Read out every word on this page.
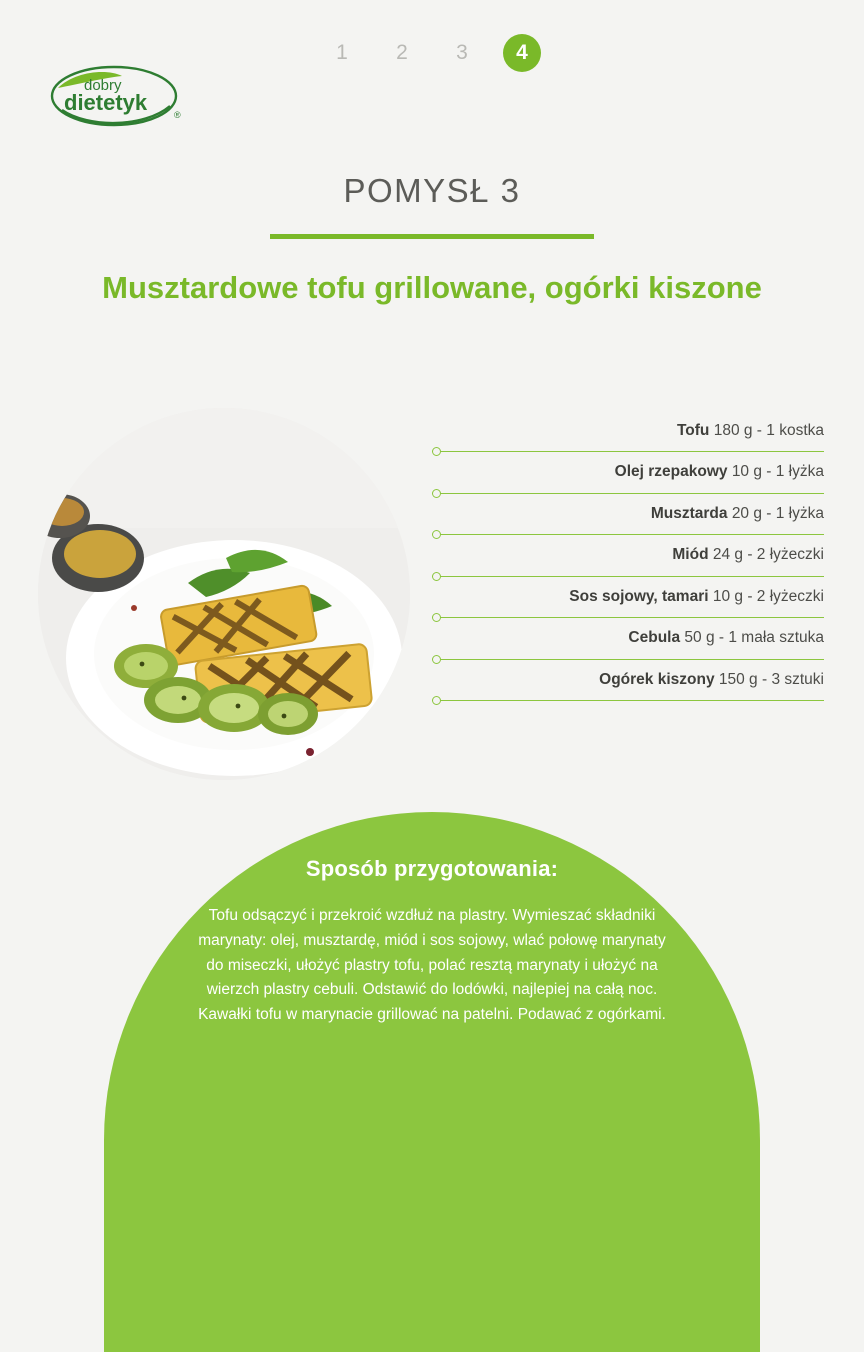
1	2	3	4
dobry
dietetyk	®
POMYSŁ 3
Musztardowe tofu grillowane, ogórki kiszone
Tofu 180 g - 1 kostka
Olej rzepakowy 10 g - 1 łyżka
Musztarda 20 g - 1 łyżka
Miód 24 g - 2 łyżeczki
Sos sojowy, tamari 10 g - 2 łyżeczki
Cebula 50 g - 1 mała sztuka
Ogórek kiszony 150 g - 3 sztuki
Sposób przygotowania:
Tofu odsączyć i przekroić wzdłuż na plastry. Wymieszać składniki marynaty: olej, musztardę, miód i sos sojowy, wlać połowę marynaty do miseczki, ułożyć plastry tofu, polać resztą marynaty i ułożyć na wierzch plastry cebuli. Odstawić do lodówki, najlepiej na całą noc. Kawałki tofu w marynacie grillować na patelni. Podawać z ogórkami.
